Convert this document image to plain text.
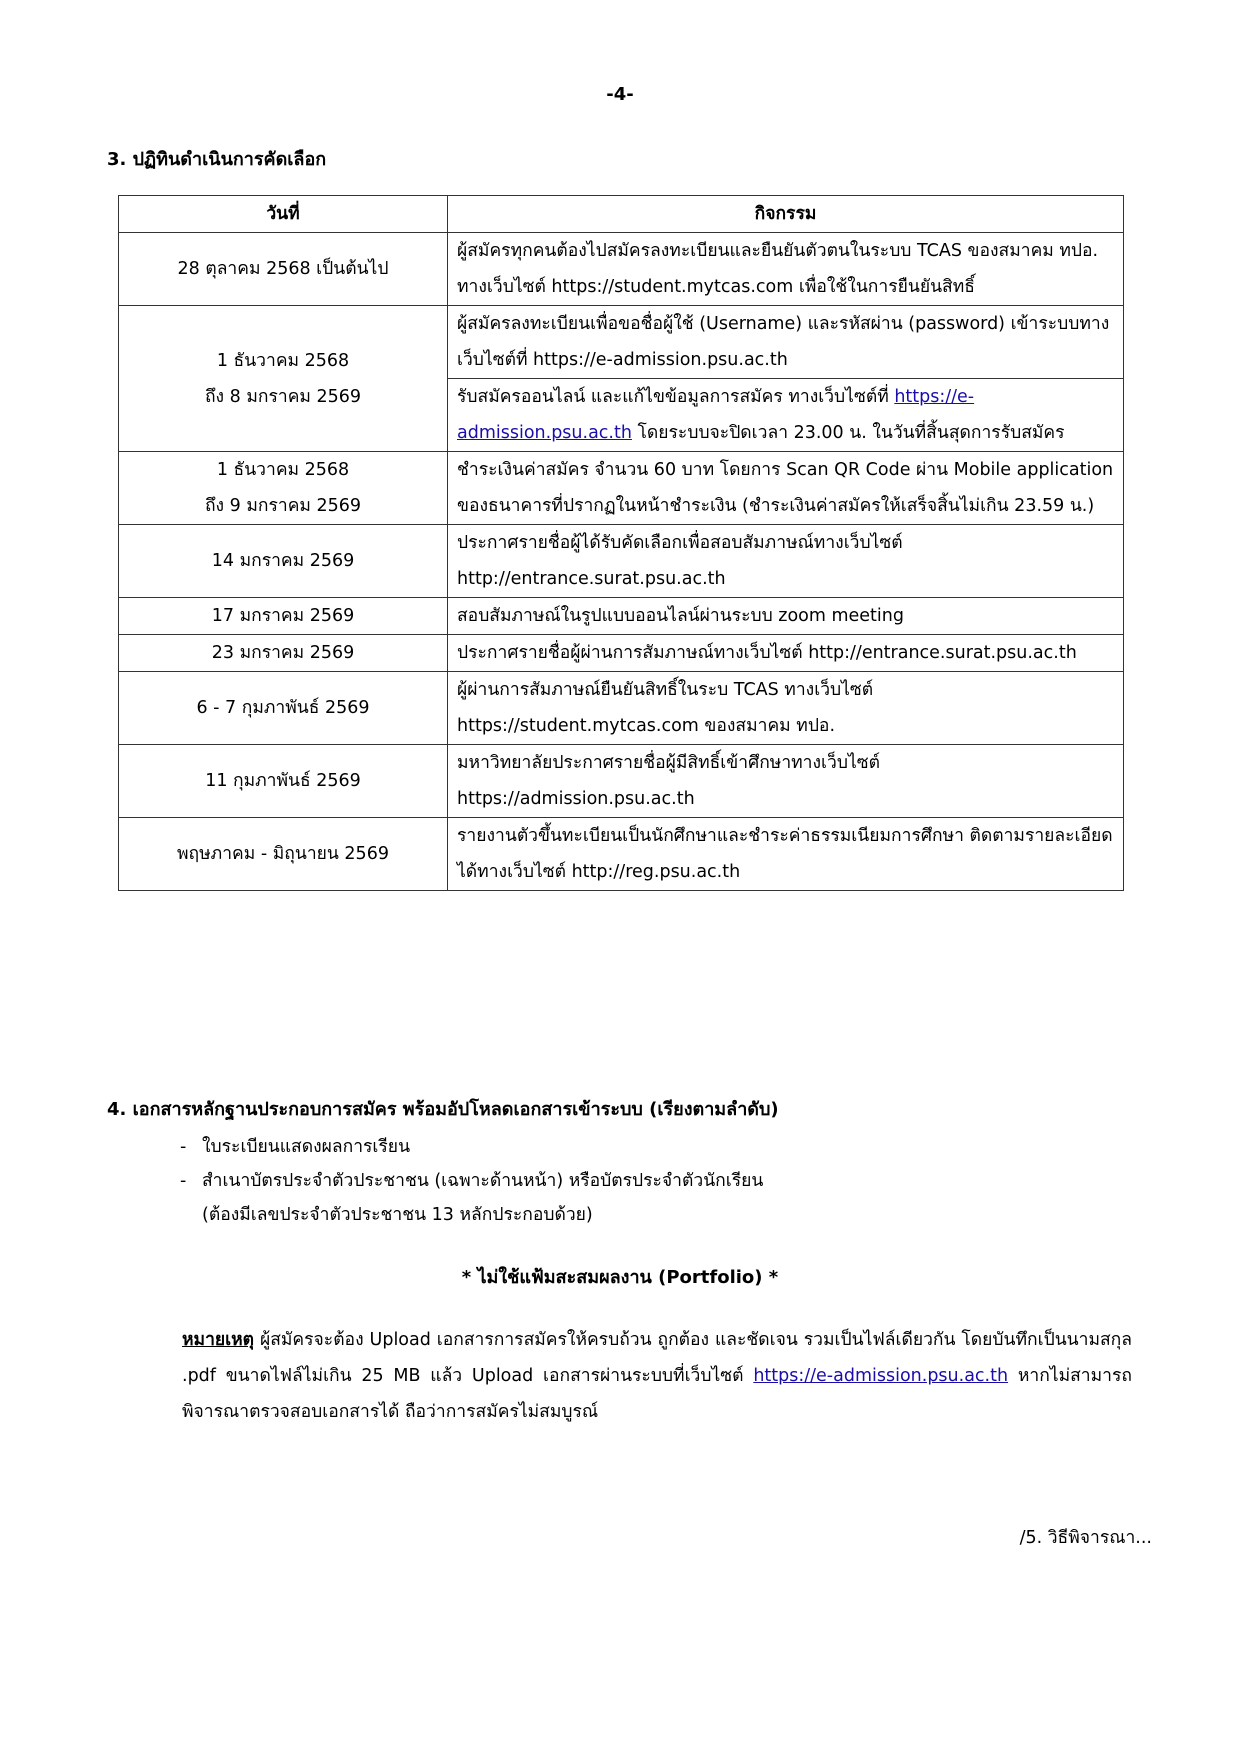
-4-
3. ปฏิทินดำเนินการคัดเลือก
วันที่	กิจกรรม

28 ตุลาคม 2568 เป็นต้นไป	ผู้สมัครทุกคนต้องไปสมัครลงทะเบียนและยืนยันตัวตนในระบบ TCAS ของสมาคม ทปอ. ทางเว็บไซต์ https://student.mytcas.com เพื่อใช้ในการยืนยันสิทธิ์

1 ธันวาคม 2568
ถึง 8 มกราคม 2569	ผู้สมัครลงทะเบียนเพื่อขอชื่อผู้ใช้ (Username) และรหัสผ่าน (password) เข้าระบบทางเว็บไซต์ที่ https://e-admission.psu.ac.th
	รับสมัครออนไลน์ และแก้ไขข้อมูลการสมัคร ทางเว็บไซต์ที่ https://e-admission.psu.ac.th โดยระบบจะปิดเวลา 23.00 น. ในวันที่สิ้นสุดการรับสมัคร

1 ธันวาคม 2568
ถึง 9 มกราคม 2569	ชำระเงินค่าสมัคร จำนวน 60 บาท โดยการ Scan QR Code ผ่าน Mobile application ของธนาคารที่ปรากฏในหน้าชำระเงิน (ชำระเงินค่าสมัครให้เสร็จสิ้นไม่เกิน 23.59 น.)

14 มกราคม 2569	ประกาศรายชื่อผู้ได้รับคัดเลือกเพื่อสอบสัมภาษณ์ทางเว็บไซต์ http://entrance.surat.psu.ac.th

17 มกราคม 2569	สอบสัมภาษณ์ในรูปแบบออนไลน์ผ่านระบบ zoom meeting

23 มกราคม 2569	ประกาศรายชื่อผู้ผ่านการสัมภาษณ์ทางเว็บไซต์ http://entrance.surat.psu.ac.th

6 - 7 กุมภาพันธ์ 2569	ผู้ผ่านการสัมภาษณ์ยืนยันสิทธิ์ในระบ TCAS ทางเว็บไซต์ https://student.mytcas.com ของสมาคม ทปอ.

11 กุมภาพันธ์ 2569	มหาวิทยาลัยประกาศรายชื่อผู้มีสิทธิ์เข้าศึกษาทางเว็บไซต์ https://admission.psu.ac.th

พฤษภาคม - มิถุนายน 2569	รายงานตัวขึ้นทะเบียนเป็นนักศึกษาและชำระค่าธรรมเนียมการศึกษา ติดตามรายละเอียดได้ทางเว็บไซต์ http://reg.psu.ac.th
4. เอกสารหลักฐานประกอบการสมัคร พร้อมอัปโหลดเอกสารเข้าระบบ (เรียงตามลำดับ)
- ใบระเบียนแสดงผลการเรียน
- สำเนาบัตรประจำตัวประชาชน (เฉพาะด้านหน้า) หรือบัตรประจำตัวนักเรียน
(ต้องมีเลขประจำตัวประชาชน 13 หลักประกอบด้วย)
* ไม่ใช้แฟ้มสะสมผลงาน (Portfolio) *

หมายเหตุ ผู้สมัครจะต้อง Upload เอกสารการสมัครให้ครบถ้วน ถูกต้อง และชัดเจน รวมเป็นไฟล์เดียวกัน โดยบันทึกเป็นนามสกุล .pdf ขนาดไฟล์ไม่เกิน 25 MB แล้ว Upload เอกสารผ่านระบบที่เว็บไซต์ https://e-admission.psu.ac.th หากไม่สามารถพิจารณาตรวจสอบเอกสารได้ ถือว่าการสมัครไม่สมบูรณ์

/5. วิธีพิจารณา...
